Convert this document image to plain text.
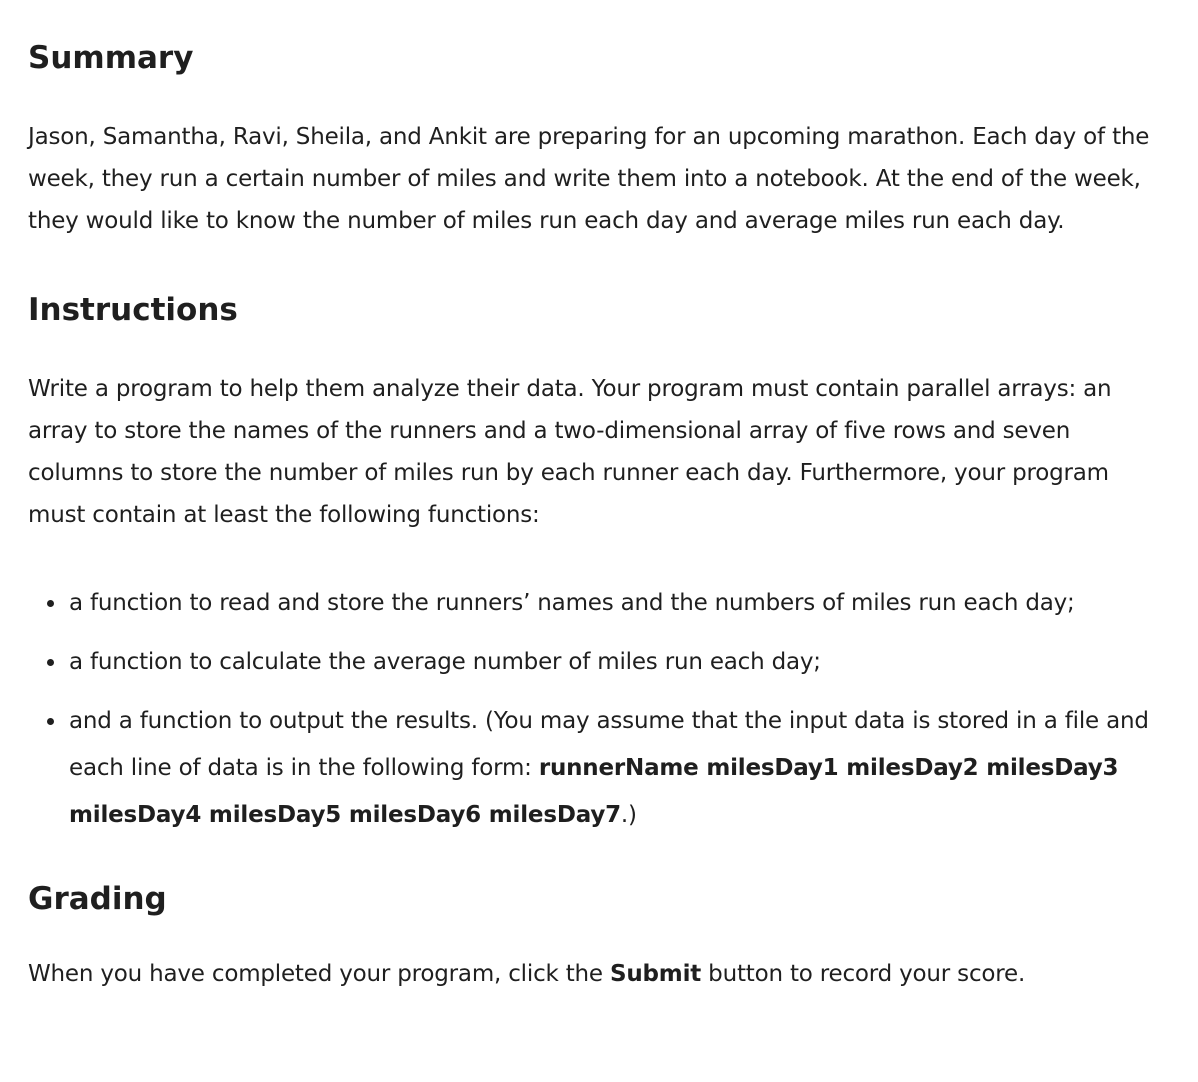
Summary

Jason, Samantha, Ravi, Sheila, and Ankit are preparing for an upcoming marathon. Each day of the week, they run a certain number of miles and write them into a notebook. At the end of the week, they would like to know the number of miles run each day and average miles run each day.

Instructions

Write a program to help them analyze their data. Your program must contain parallel arrays: an array to store the names of the runners and a two-dimensional array of five rows and seven columns to store the number of miles run by each runner each day. Furthermore, your program must contain at least the following functions:

a function to read and store the runners’ names and the numbers of miles run each day;
a function to calculate the average number of miles run each day;
and a function to output the results. (You may assume that the input data is stored in a file and each line of data is in the following form: runnerName milesDay1 milesDay2 milesDay3 milesDay4 milesDay5 milesDay6 milesDay7.)
Grading

When you have completed your program, click the Submit button to record your score.
